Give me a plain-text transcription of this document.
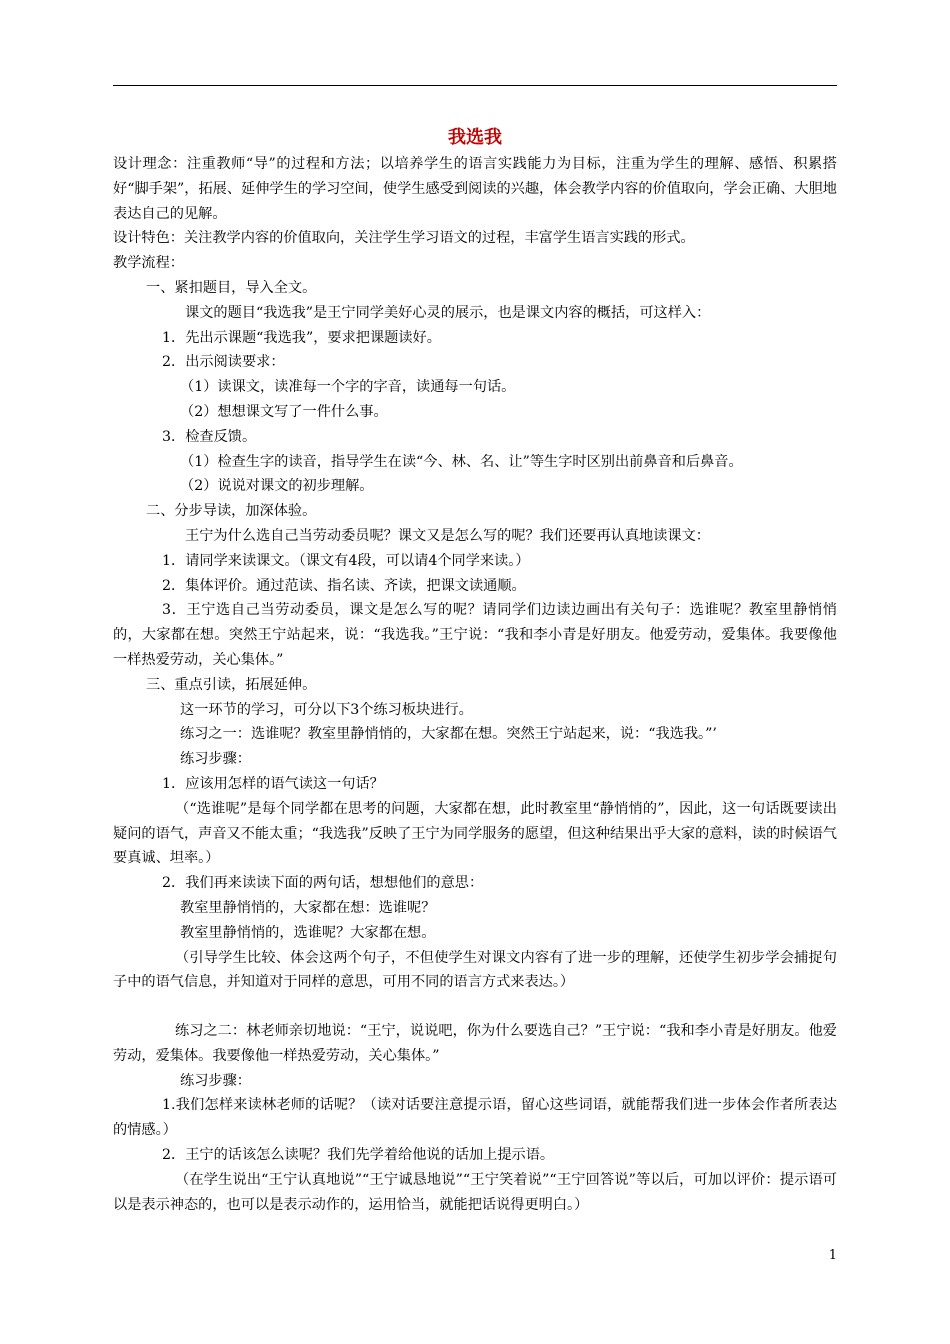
我选我

设计理念：注重教师“导”的过程和方法；以培养学生的语言实践能力为目标，注重为学生的理解、感悟、积累搭好“脚手架”，拓展、延伸学生的学习空间，使学生感受到阅读的兴趣，体会教学内容的价值取向，学会正确、大胆地表达自己的见解。

设计特色：关注教学内容的价值取向，关注学生学习语文的过程，丰富学生语言实践的形式。

教学流程：

一、紧扣题目，导入全文。

课文的题目“我选我”是王宁同学美好心灵的展示，也是课文内容的概括，可这样入：

1．先出示课题“我选我”，要求把课题读好。

2．出示阅读要求：

（1）读课文，读准每一个字的字音，读通每一句话。

（2）想想课文写了一件什么事。

3．检查反馈。

（1）检查生字的读音，指导学生在读“今、林、名、让”等生字时区别出前鼻音和后鼻音。

（2）说说对课文的初步理解。

二、分步导读，加深体验。

王宁为什么选自己当劳动委员呢？课文又是怎么写的呢？我们还要再认真地读课文：

1．请同学来读课文。（课文有4段，可以请4个同学来读。）

2．集体评价。通过范读、指名读、齐读，把课文读通顺。

3．王宁选自己当劳动委员，课文是怎么写的呢？请同学们边读边画出有关句子：选谁呢？教室里静悄悄的，大家都在想。突然王宁站起来，说：“我选我。”王宁说：“我和李小青是好朋友。他爱劳动，爱集体。我要像他一样热爱劳动，关心集体。”

三、重点引读，拓展延伸。

这一环节的学习，可分以下3个练习板块进行。

练习之一：选谁呢？教室里静悄悄的，大家都在想。突然王宁站起来，说：“我选我。”’

练习步骤：

1．应该用怎样的语气读这一句话？

（“选谁呢”是每个同学都在思考的问题，大家都在想，此时教室里“静悄悄的”，因此，这一句话既要读出疑问的语气，声音又不能太重；“我选我”反映了王宁为同学服务的愿望，但这种结果出乎大家的意料，读的时候语气要真诚、坦率。）

2．我们再来读读下面的两句话，想想他们的意思：

教室里静悄悄的，大家都在想：选谁呢？

教室里静悄悄的，选谁呢？大家都在想。

（引导学生比较、体会这两个句子，不但使学生对课文内容有了进一步的理解，还使学生初步学会捕捉句子中的语气信息，并知道对于同样的意思，可用不同的语言方式来表达。）

练习之二：林老师亲切地说：“王宁，说说吧，你为什么要选自己？”王宁说：“我和李小青是好朋友。他爱劳动，爱集体。我要像他一样热爱劳动，关心集体。”

练习步骤：

1.我们怎样来读林老师的话呢？（读对话要注意提示语，留心这些词语，就能帮我们进一步体会作者所表达的情感。）

2．王宁的话该怎么读呢？我们先学着给他说的话加上提示语。

（在学生说出“王宁认真地说”“王宁诚恳地说”“王宁笑着说”“王宁回答说”等以后，可加以评价：提示语可以是表示神态的，也可以是表示动作的，运用恰当，就能把话说得更明白。）

1
